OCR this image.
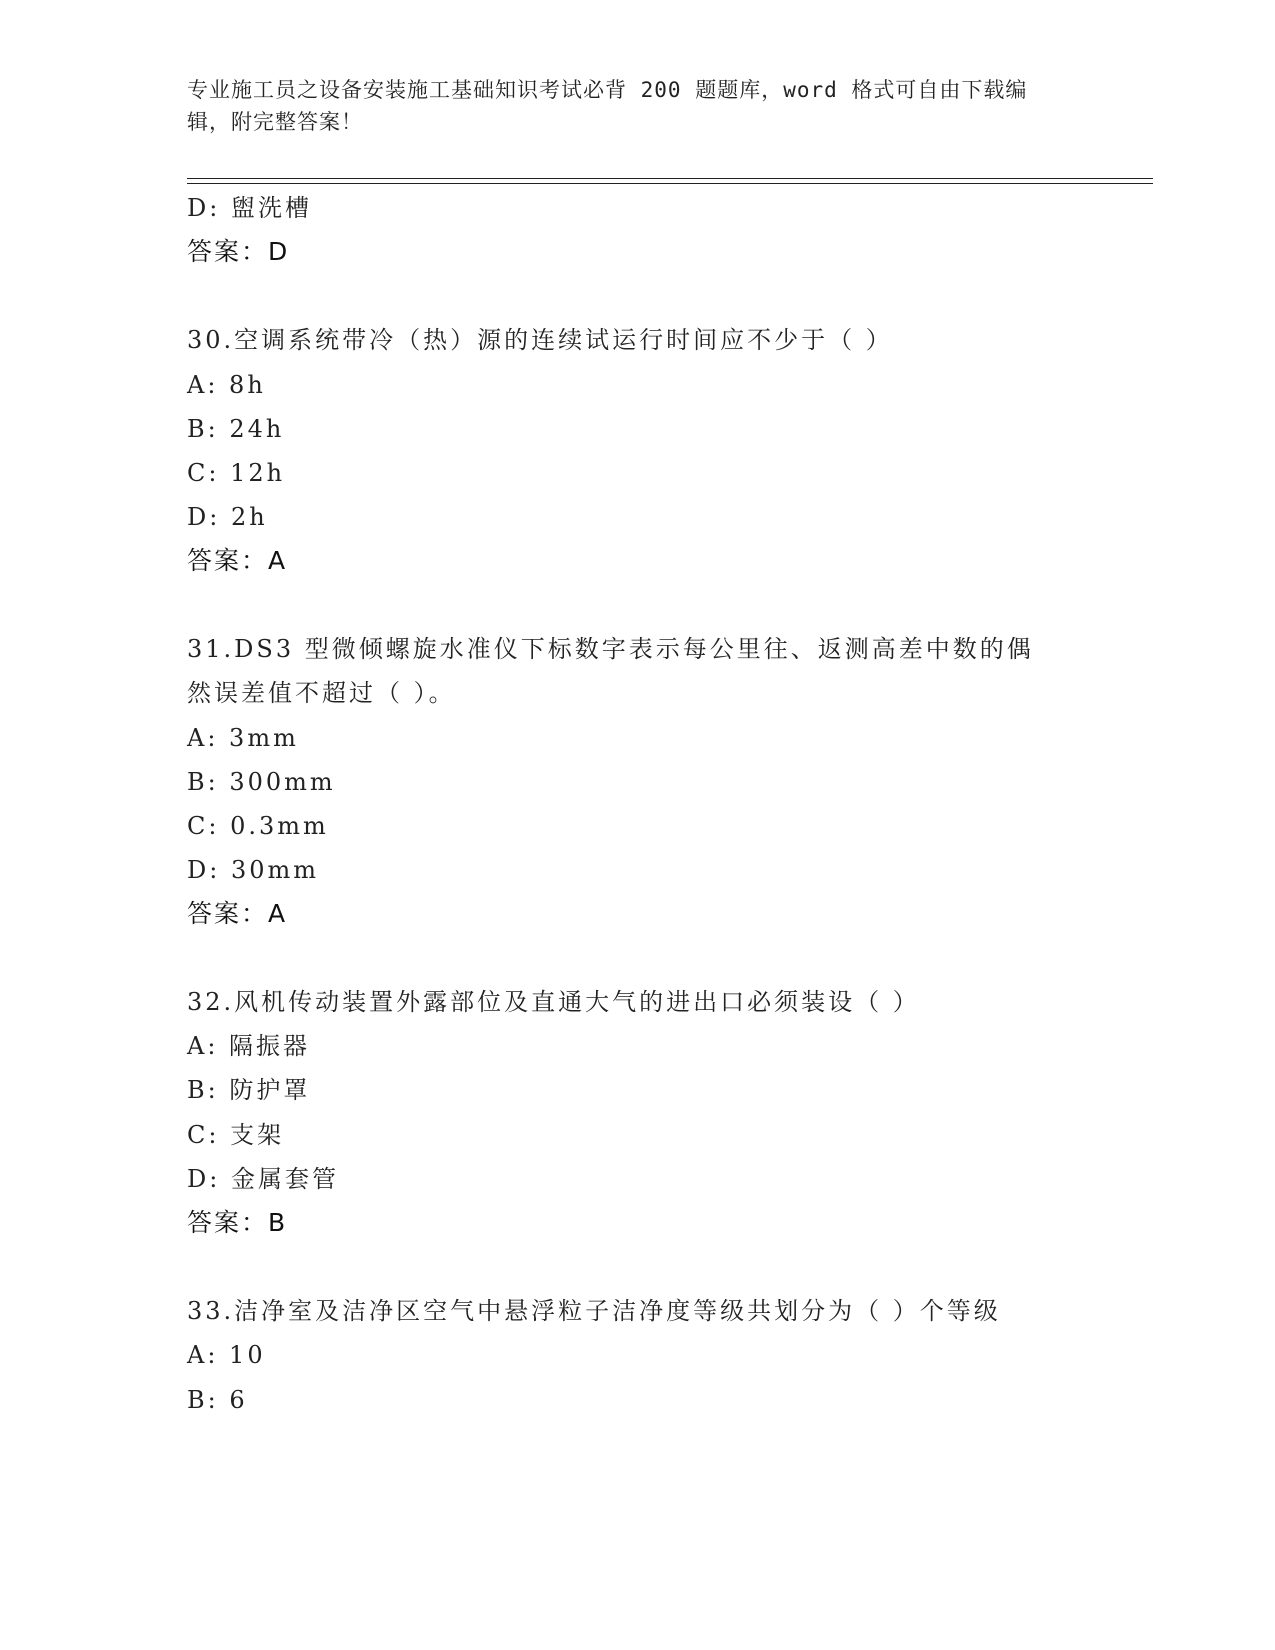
专业施工员之设备安装施工基础知识考试必背 200 题题库，word 格式可自由下载编辑，附完整答案！
D: 盥洗槽
答案：D
30.空调系统带冷（热）源的连续试运行时间应不少于（ ）
A: 8h
B: 24h
C: 12h
D: 2h
答案：A
31.DS3 型微倾螺旋水准仪下标数字表示每公里往、返测高差中数的偶
然误差值不超过（ ）。
A: 3mm
B: 300mm
C: 0.3mm
D: 30mm
答案：A
32.风机传动装置外露部位及直通大气的进出口必须装设（ ）
A: 隔振器
B: 防护罩
C: 支架
D: 金属套管
答案：B
33.洁净室及洁净区空气中悬浮粒子洁净度等级共划分为（ ）个等级
A: 10
B: 6
